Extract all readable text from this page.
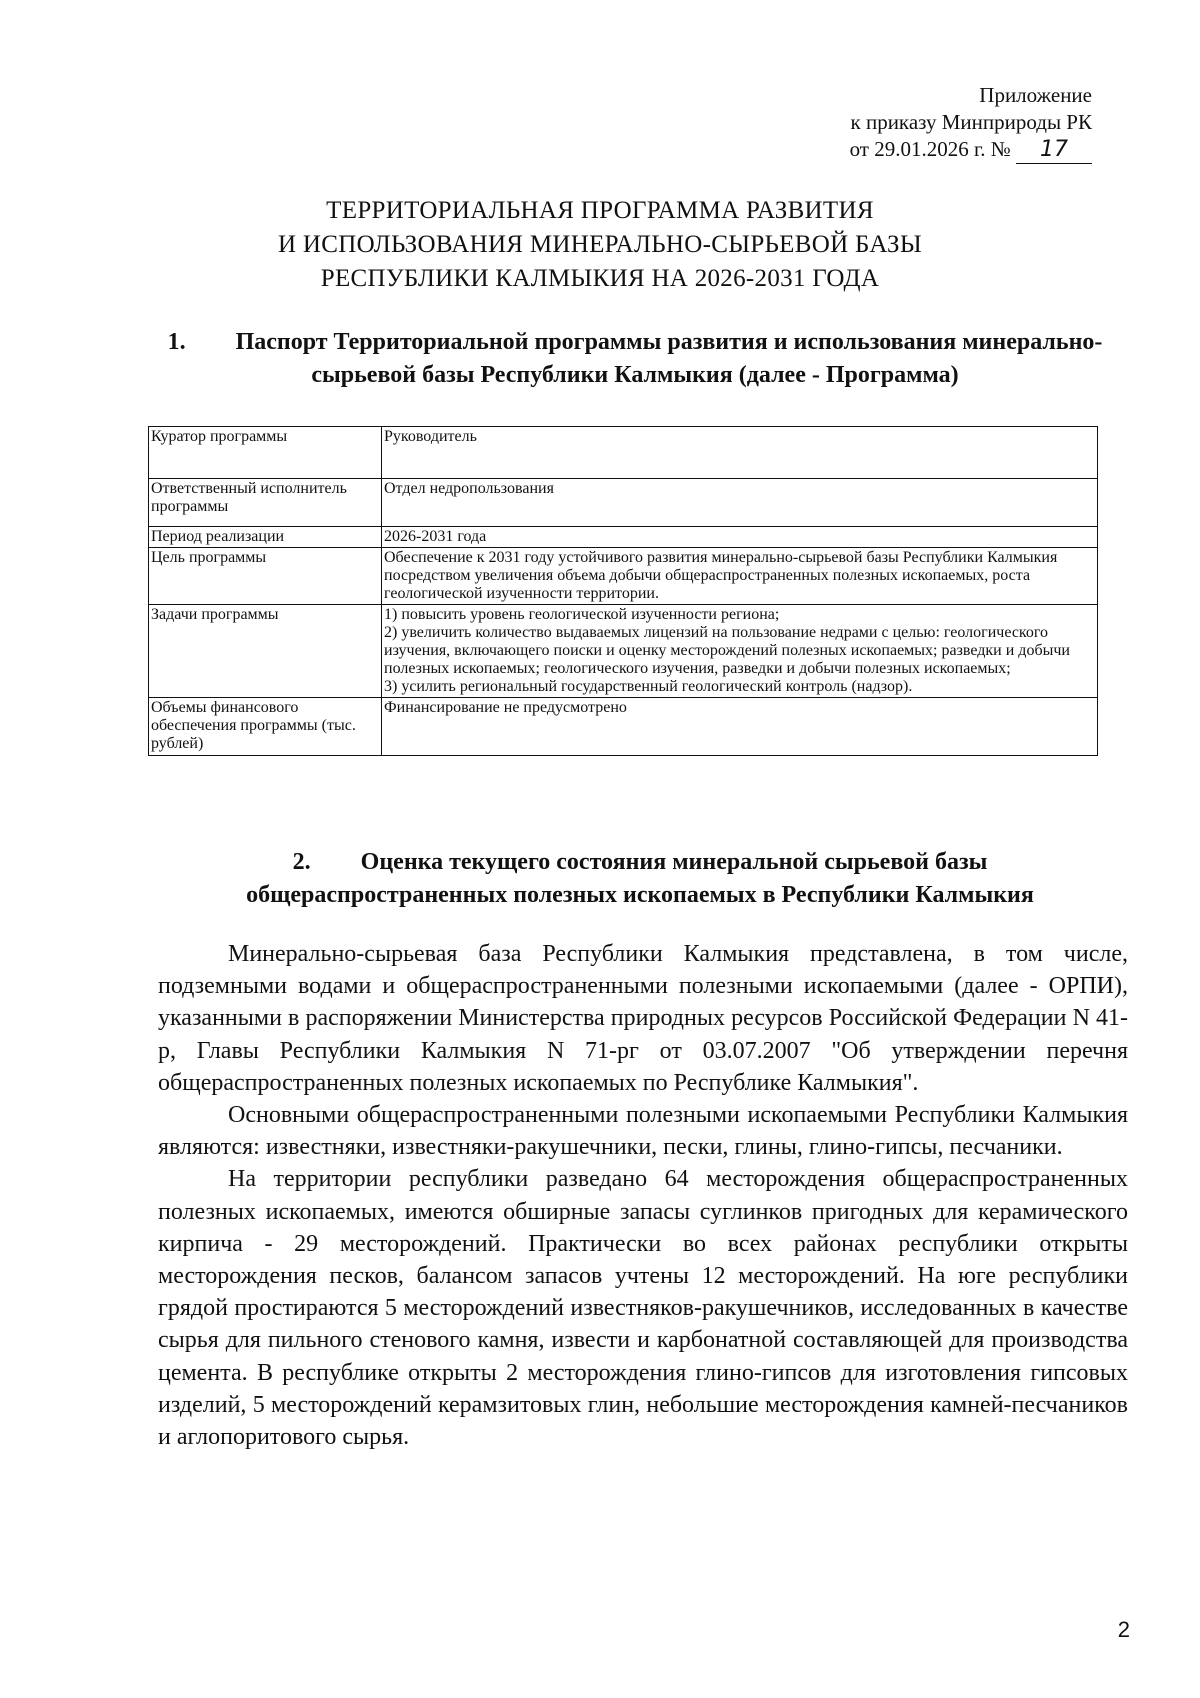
Приложение
к приказу Минприроды РК
от 29.01.2026 г. № 17
ТЕРРИТОРИАЛЬНАЯ ПРОГРАММА РАЗВИТИЯ
И ИСПОЛЬЗОВАНИЯ МИНЕРАЛЬНО-СЫРЬЕВОЙ БАЗЫ
РЕСПУБЛИКИ КАЛМЫКИЯ НА 2026-2031 ГОДА
1. Паспорт Территориальной программы развития и использования минерально-сырьевой базы Республики Калмыкия (далее - Программа)
Куратор программы	Руководитель
Ответственный исполнитель программы	Отдел недропользования
Период реализации	2026-2031 года
Цель программы	Обеспечение к 2031 году устойчивого развития минерально-сырьевой базы Республики Калмыкия посредством увеличения объема добычи общераспространенных полезных ископаемых, роста геологической изученности территории.
Задачи программы	1) повысить уровень геологической изученности региона;
2) увеличить количество выдаваемых лицензий на пользование недрами с целью: геологического изучения, включающего поиски и оценку месторождений полезных ископаемых; разведки и добычи полезных ископаемых; геологического изучения, разведки и добычи полезных ископаемых;
3) усилить региональный государственный геологический контроль (надзор).

Объемы финансового обеспечения программы (тыс. рублей)	Финансирование не предусмотрено
2. Оценка текущего состояния минеральной сырьевой базы
общераспространенных полезных ископаемых в Республики Калмыкия

Минерально-сырьевая база Республики Калмыкия представлена, в том числе, подземными водами и общераспространенными полезными ископаемыми (далее - ОРПИ), указанными в распоряжении Министерства природных ресурсов Российской Федерации N 41-р, Главы Республики Калмыкия N 71-рг от 03.07.2007 "Об утверждении перечня общераспространенных полезных ископаемых по Республике Калмыкия".

Основными общераспространенными полезными ископаемыми Республики Калмыкия являются: известняки, известняки-ракушечники, пески, глины, глино-гипсы, песчаники.

На территории республики разведано 64 месторождения общераспространенных полезных ископаемых, имеются обширные запасы суглинков пригодных для керамического кирпича - 29 месторождений. Практически во всех районах республики открыты месторождения песков, балансом запасов учтены 12 месторождений. На юге республики грядой простираются 5 месторождений известняков-ракушечников, исследованных в качестве сырья для пильного стенового камня, извести и карбонатной составляющей для производства цемента. В республике открыты 2 месторождения глино-гипсов для изготовления гипсовых изделий, 5 месторождений керамзитовых глин, небольшие месторождения камней-песчаников и аглопоритового сырья.

2
